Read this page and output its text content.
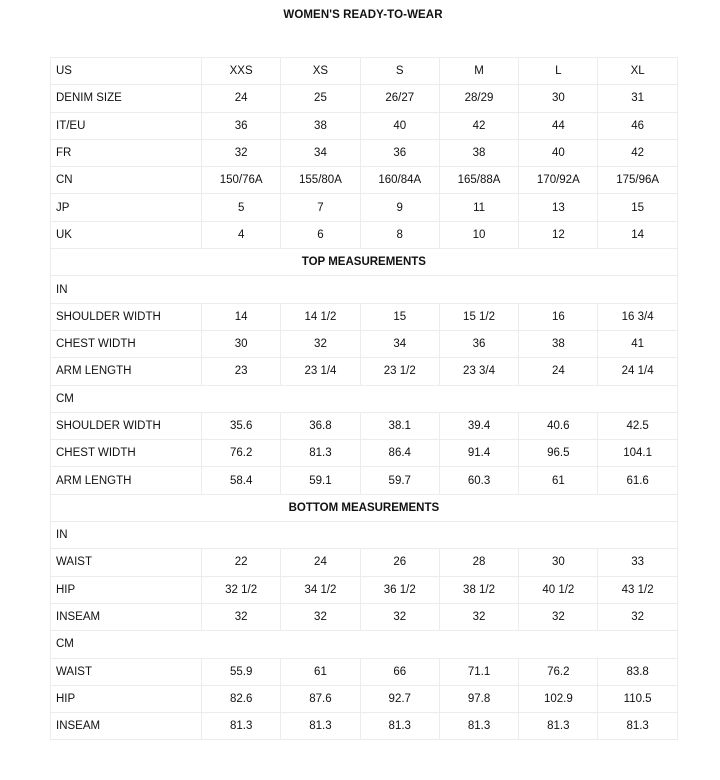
WOMEN'S READY-TO-WEAR
US	XXS	XS	S	M	L	XL
DENIM SIZE	24	25	26/27	28/29	30	31
IT/EU	36	38	40	42	44	46
FR	32	34	36	38	40	42
CN	150/76A	155/80A	160/84A	165/88A	170/92A	175/96A
JP	5	7	9	11	13	15
UK	4	6	8	10	12	14
TOP MEASUREMENTS						
IN						
SHOULDER WIDTH	14	14 1/2	15	15 1/2	16	16 3/4
CHEST WIDTH	30	32	34	36	38	41
ARM LENGTH	23	23 1/4	23 1/2	23 3/4	24	24 1/4
CM						
SHOULDER WIDTH	35.6	36.8	38.1	39.4	40.6	42.5
CHEST WIDTH	76.2	81.3	86.4	91.4	96.5	104.1
ARM LENGTH	58.4	59.1	59.7	60.3	61	61.6
BOTTOM MEASUREMENTS						
IN						
WAIST	22	24	26	28	30	33
HIP	32 1/2	34 1/2	36 1/2	38 1/2	40 1/2	43 1/2
INSEAM	32	32	32	32	32	32
CM						
WAIST	55.9	61	66	71.1	76.2	83.8
HIP	82.6	87.6	92.7	97.8	102.9	110.5
INSEAM	81.3	81.3	81.3	81.3	81.3	81.3
